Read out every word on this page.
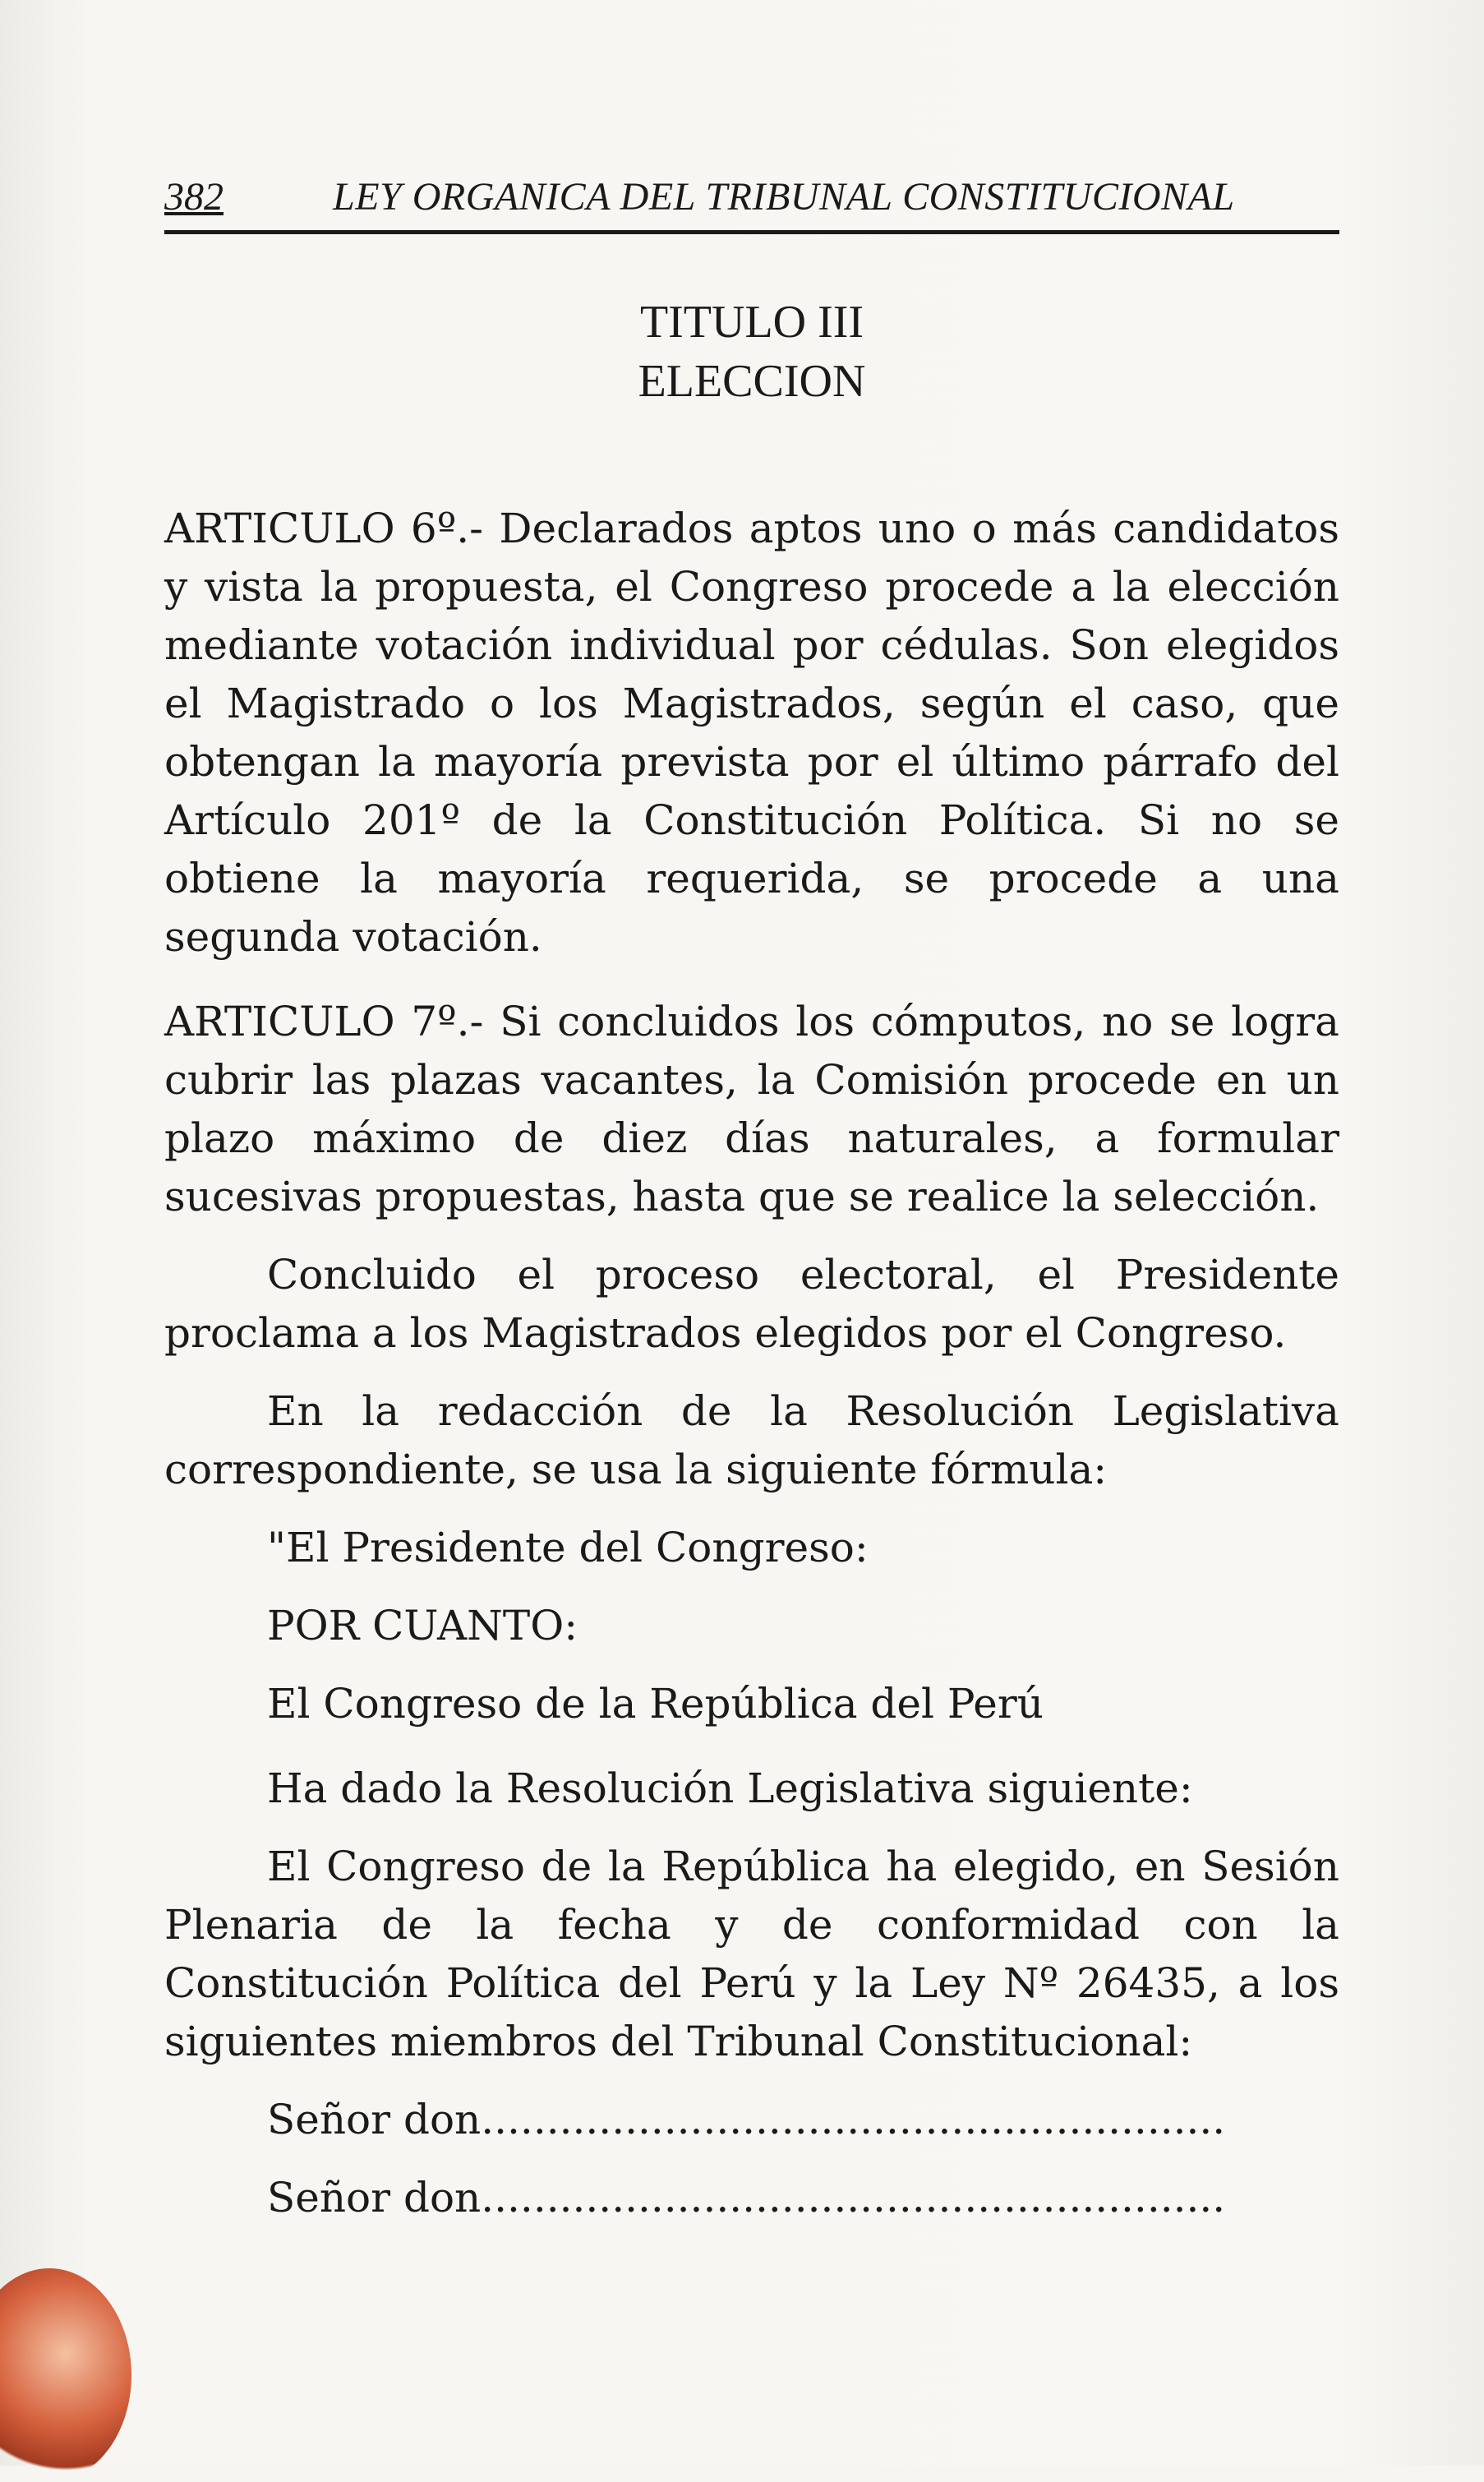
382	LEY ORGANICA DEL TRIBUNAL CONSTITUCIONAL
TITULO III
ELECCION

ARTICULO 6º.- Declarados aptos uno o más candidatos y vista la propuesta, el Congreso procede a la elección mediante votación individual por cédulas. Son elegidos el Magistrado o los Magistrados, según el caso, que obtengan la mayoría prevista por el último párrafo del Artículo 201º de la Constitución Política. Si no se obtiene la mayoría requerida, se procede a una segunda votación.

ARTICULO 7º.- Si concluidos los cómputos, no se logra cubrir las plazas vacantes, la Comisión procede en un plazo máximo de diez días naturales, a formular sucesivas propuestas, hasta que se realice la selección.

Concluido el proceso electoral, el Presidente proclama a los Magistrados elegidos por el Congreso.

En la redacción de la Resolución Legislativa correspondiente, se usa la siguiente fórmula:

"El Presidente del Congreso:

POR CUANTO:

El Congreso de la República del Perú

Ha dado la Resolución Legislativa siguiente:

El Congreso de la República ha elegido, en Sesión Plenaria de la fecha y de conformidad con la Constitución Política del Perú y la Ley Nº 26435, a los siguientes miembros del Tribunal Constitucional:

Señor don.........................................................

Señor don.........................................................
